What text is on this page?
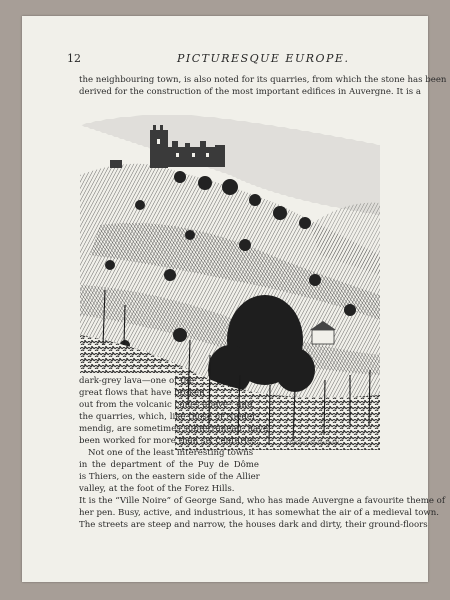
12	PICTURESQUE EUROPE.
the neighbouring town, is also noted for its quarries, from which the stone has been
derived for the construction of the most important edifices in Auvergne. It is a
Château de Tournoël.
dark-grey lava—one of the
great flows that have broken
out from the volcanic cones above ; and
the quarries, which, like those of Nieder-
mendig, are sometimes subterranean, have
been worked for more than six centuries.
Not one of the least interesting towns
in the department of the Puy de Dôme
is Thiers, on the eastern side of the Allier
valley, at the foot of the Forez Hills.
It is the “Ville Noire” of George Sand, who has made Auvergne a favourite theme of
her pen. Busy, active, and industrious, it has somewhat the air of a medieval town.
The streets are steep and narrow, the houses dark and dirty, their ground-floors
